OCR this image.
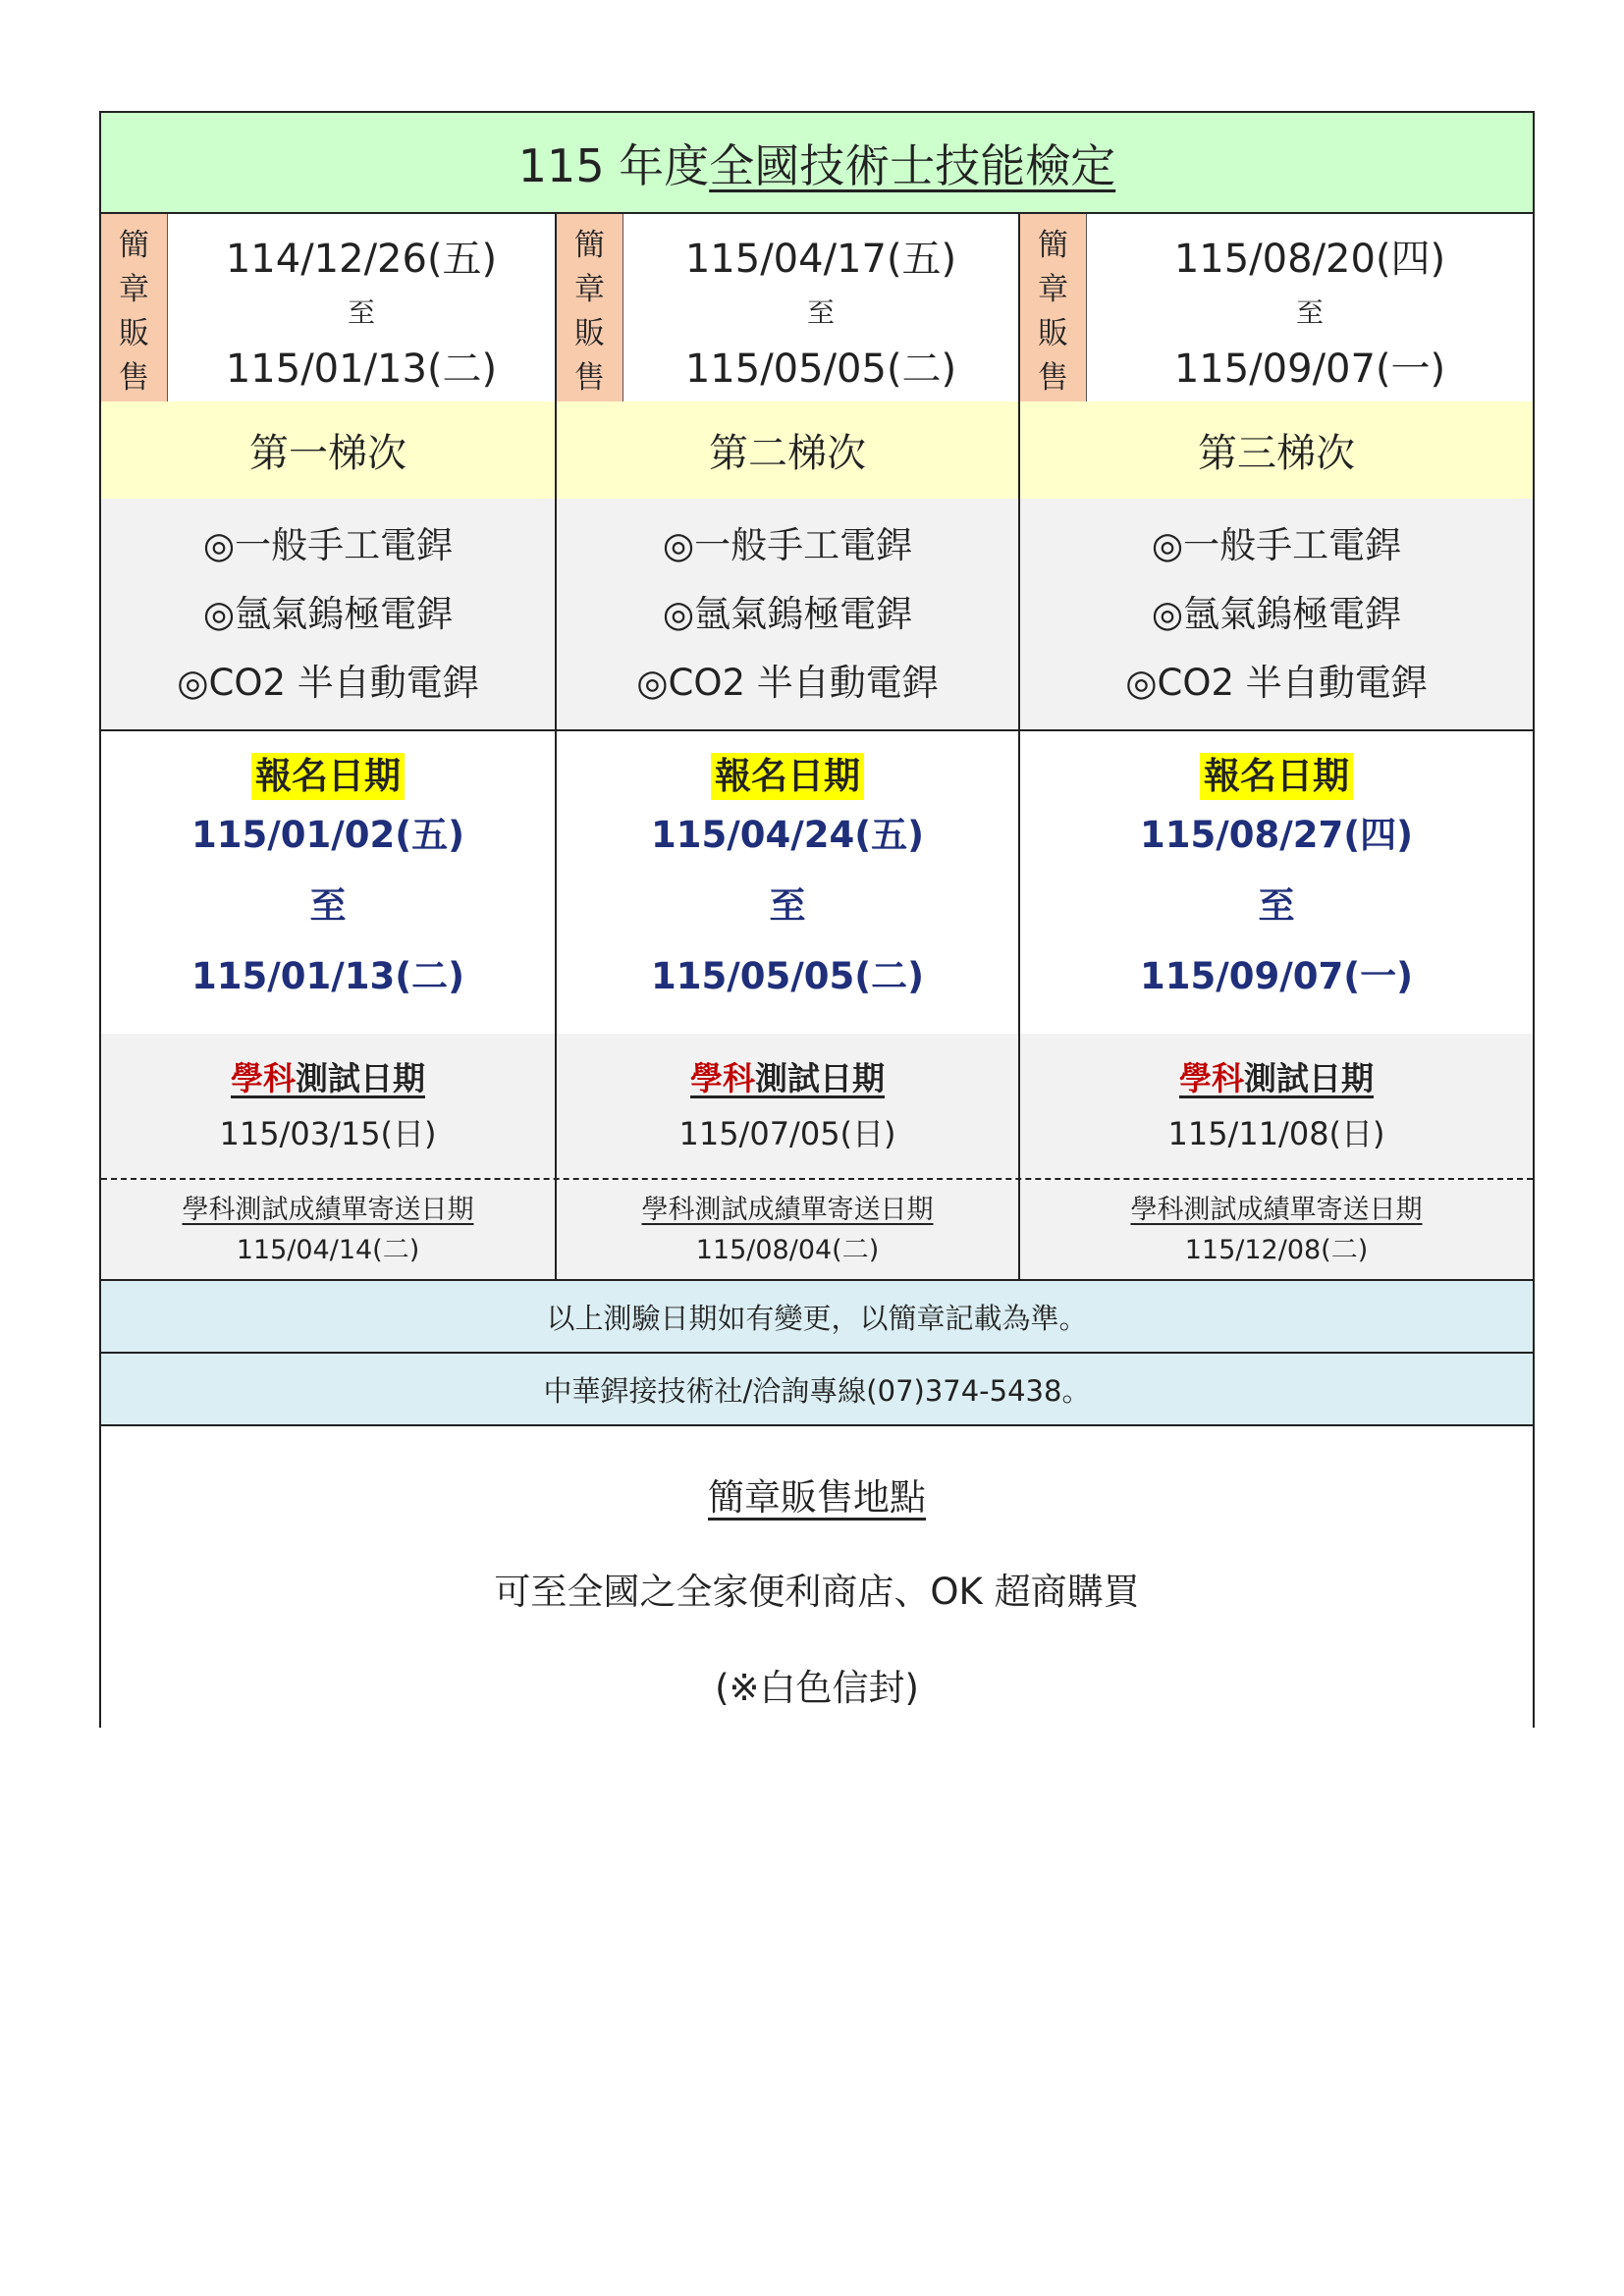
115 年度全國技術士技能檢定
簡
章
販
售
114/12/26(五)
至
115/01/13(二)
簡
章
販
售
115/04/17(五)
至
115/05/05(二)
簡
章
販
售
115/08/20(四)
至
115/09/07(一)
第一梯次	第二梯次	第三梯次
◎一般手工電銲
◎氬氣鎢極電銲
◎CO2 半自動電銲
◎一般手工電銲
◎氬氣鎢極電銲
◎CO2 半自動電銲
◎一般手工電銲
◎氬氣鎢極電銲
◎CO2 半自動電銲
報名日期
115/01/02(五)
至
115/01/13(二)
報名日期
115/04/24(五)
至
115/05/05(二)
報名日期
115/08/27(四)
至
115/09/07(一)
學科測試日期
115/03/15(日)
學科測試日期
115/07/05(日)
學科測試日期
115/11/08(日)
學科測試成績單寄送日期
115/04/14(二)
學科測試成績單寄送日期
115/08/04(二)
學科測試成績單寄送日期
115/12/08(二)
以上測驗日期如有變更，以簡章記載為準。
中華銲接技術社/洽詢專線(07)374-5438。
簡章販售地點
可至全國之全家便利商店、OK 超商購買
(※白色信封)
